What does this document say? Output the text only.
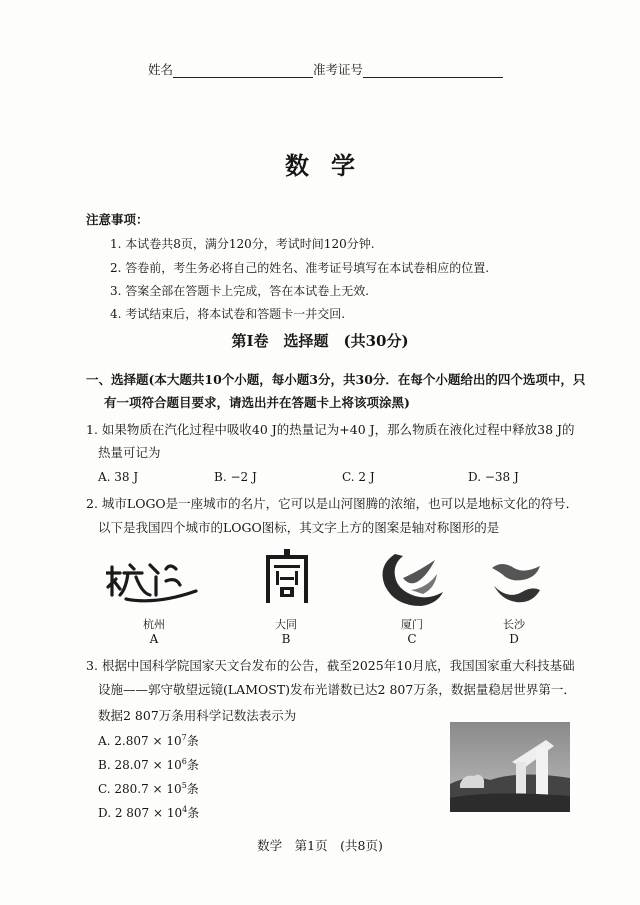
姓名	准考证号
数学
注意事项：
1. 本试卷共8页，满分120分，考试时间120分钟.
2. 答卷前，考生务必将自己的姓名、准考证号填写在本试卷相应的位置.
3. 答案全部在答题卡上完成，答在本试卷上无效.
4. 考试结束后，将本试卷和答题卡一并交回.
第Ⅰ卷　选择题　(共30分)
一、选择题(本大题共10个小题，每小题3分，共30分．在每个小题给出的四个选项中，只
有一项符合题目要求，请选出并在答题卡上将该项涂黑)
1. 如果物质在汽化过程中吸收40 J的热量记为+40 J，那么物质在液化过程中释放38 J的
热量可记为
A. 38 J	B. −2 J	C. 2 J	D. −38 J
2. 城市LOGO是一座城市的名片，它可以是山河图腾的浓缩，也可以是地标文化的符号．
以下是我国四个城市的LOGO图标，其文字上方的图案是轴对称图形的是
杭州	大同	厦门	长沙
A	B	C	D
3. 根据中国科学院国家天文台发布的公告，截至2025年10月底，我国国家重大科技基础
设施——郭守敬望远镜(LAMOST)发布光谱数已达2 807万条，数据量稳居世界第一．
数据2 807万条用科学记数法表示为
A. $2.807 \times 10^7$条
B. $28.07 \times 10^6$条
C. $280.7 \times 10^5$条
D. 2 $807 \times 10^4$条
数学　第1页　(共8页)
